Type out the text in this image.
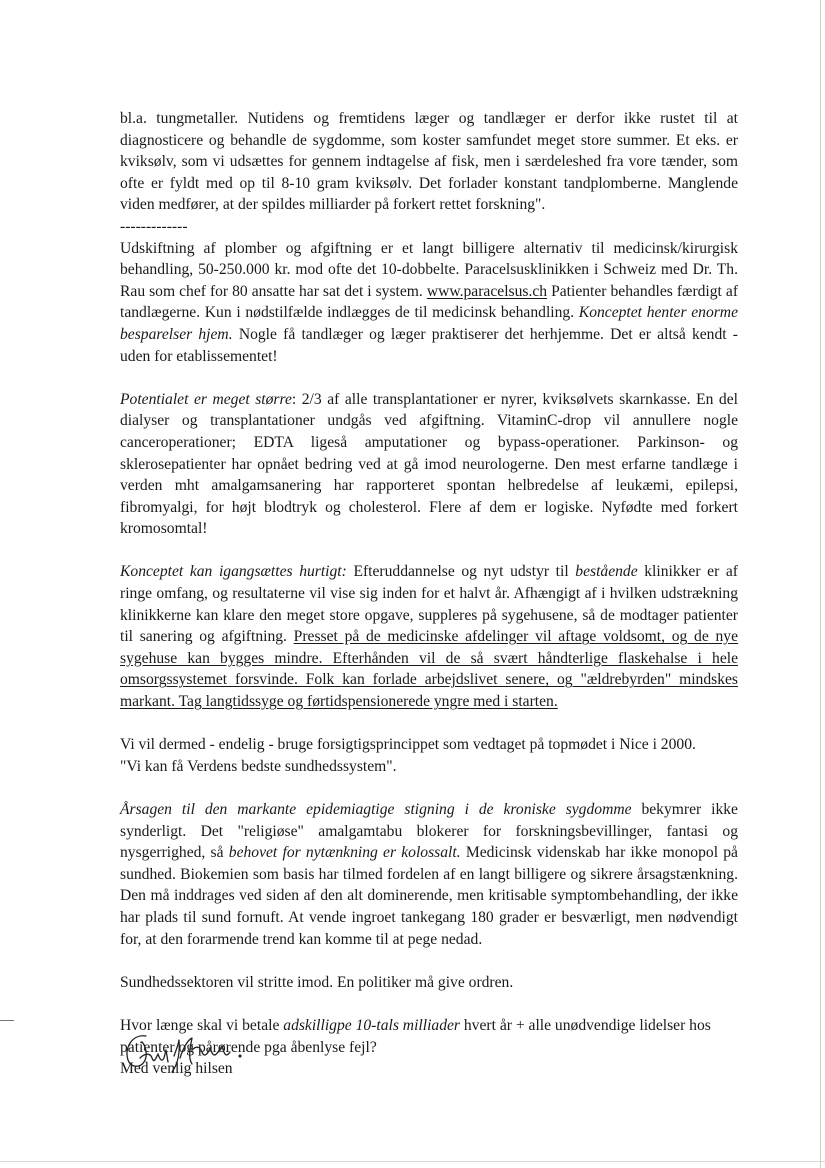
bl.a. tungmetaller. Nutidens og fremtidens læger og tandlæger er derfor ikke rustet til at diagnosticere og behandle de sygdomme, som koster samfundet meget store summer. Et eks. er kviksølv, som vi udsættes for gennem indtagelse af fisk, men i særdeleshed fra vore tænder, som ofte er fyldt med op til 8-10 gram kviksølv. Det forlader konstant tandplomberne. Manglende viden medfører, at der spildes milliarder på forkert rettet forskning".

-------------

Udskiftning af plomber og afgiftning er et langt billigere alternativ til medicinsk/kirurgisk behandling, 50-250.000 kr. mod ofte det 10-dobbelte. Paracelsusklinikken i Schweiz med Dr. Th. Rau som chef for 80 ansatte har sat det i system. www.paracelsus.ch Patienter behandles færdigt af tandlægerne. Kun i nødstilfælde indlægges de til medicinsk behandling. Konceptet henter enorme besparelser hjem. Nogle få tandlæger og læger praktiserer det herhjemme. Det er altså kendt - uden for etablissementet!

Potentialet er meget større: 2/3 af alle transplantationer er nyrer, kviksølvets skarnkasse. En del dialyser og transplantationer undgås ved afgiftning. VitaminC-drop vil annullere nogle canceroperationer; EDTA ligeså amputationer og bypass-operationer. Parkinson- og sklerosepatienter har opnået bedring ved at gå imod neurologerne. Den mest erfarne tandlæge i verden mht amalgamsanering har rapporteret spontan helbredelse af leukæmi, epilepsi, fibromyalgi, for højt blodtryk og cholesterol. Flere af dem er logiske. Nyfødte med forkert kromosomtal!

Konceptet kan igangsættes hurtigt: Efteruddannelse og nyt udstyr til bestående klinikker er af ringe omfang, og resultaterne vil vise sig inden for et halvt år. Afhængigt af i hvilken udstrækning klinikkerne kan klare den meget store opgave, suppleres på sygehusene, så de modtager patienter til sanering og afgiftning. Presset på de medicinske afdelinger vil aftage voldsomt, og de nye sygehuse kan bygges mindre. Efterhånden vil de så svært håndterlige flaskehalse i hele omsorgssystemet forsvinde. Folk kan forlade arbejdslivet senere, og "ældrebyrden" mindskes markant. Tag langtidssyge og førtidspensionerede yngre med i starten.

Vi vil dermed - endelig - bruge forsigtigsprincippet som vedtaget på topmødet i Nice i 2000.

"Vi kan få Verdens bedste sundhedssystem".

Årsagen til den markante epidemiagtige stigning i de kroniske sygdomme bekymrer ikke synderligt. Det "religiøse" amalgamtabu blokerer for forskningsbevillinger, fantasi og nysgerrighed, så behovet for nytænkning er kolossalt. Medicinsk videnskab har ikke monopol på sundhed. Biokemien som basis har tilmed fordelen af en langt billigere og sikrere årsagstænkning. Den må inddrages ved siden af den alt dominerende, men kritisable symptombehandling, der ikke har plads til sund fornuft. At vende ingroet tankegang 180 grader er besværligt, men nødvendigt for, at den forarmende trend kan komme til at pege nedad.

Sundhedssektoren vil stritte imod. En politiker må give ordren.

Hvor længe skal vi betale adskilligpe 10-tals milliader hvert år + alle unødvendige lidelser hos patienter og pårørende pga åbenlyse fejl?

Med venlig hilsen
